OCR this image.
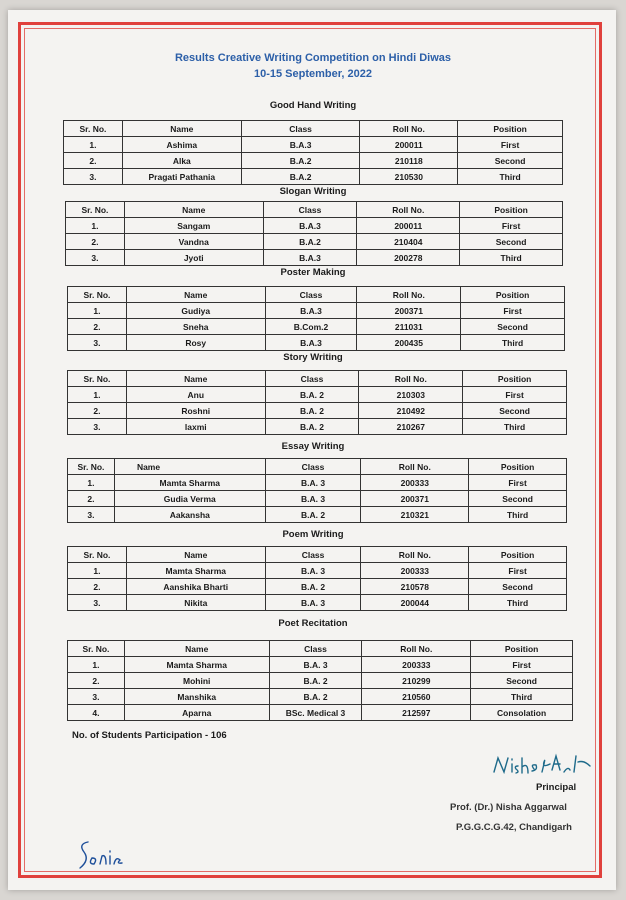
Results Creative Writing Competition on Hindi Diwas
10-15 September, 2022
Good Hand Writing
Sr. No.	Name	Class	Roll No.	Position
1.	Ashima	B.A.3	200011	First
2.	Alka	B.A.2	210118	Second
3.	Pragati Pathania	B.A.2	210530	Third
Slogan Writing
Sr. No.	Name	Class	Roll No.	Position
1.	Sangam	B.A.3	200011	First
2.	Vandna	B.A.2	210404	Second
3.	Jyoti	B.A.3	200278	Third
Poster Making
Sr. No.	Name	Class	Roll No.	Position
1.	Gudiya	B.A.3	200371	First
2.	Sneha	B.Com.2	211031	Second
3.	Rosy	B.A.3	200435	Third
Story Writing
Sr. No.	Name	Class	Roll No.	Position
1.	Anu	B.A. 2	210303	First
2.	Roshni	B.A. 2	210492	Second
3.	laxmi	B.A. 2	210267	Third
Essay Writing
Sr. No.	Name	Class	Roll No.	Position
1.	Mamta Sharma	B.A. 3	200333	First
2.	Gudia Verma	B.A. 3	200371	Second
3.	Aakansha	B.A. 2	210321	Third
Poem Writing
Sr. No.	Name	Class	Roll No.	Position
1.	Mamta Sharma	B.A. 3	200333	First
2.	Aanshika Bharti	B.A. 2	210578	Second
3.	Nikita	B.A. 3	200044	Third
Poet Recitation
Sr. No.	Name	Class	Roll No.	Position
1.	Mamta Sharma	B.A. 3	200333	First
2.	Mohini	B.A. 2	210299	Second
3.	Manshika	B.A. 2	210560	Third
4.	Aparna	BSc. Medical 3	212597	Consolation
No. of Students Participation - 106
Principal
Prof. (Dr.) Nisha Aggarwal
P.G.G.C.G.42, Chandigarh
